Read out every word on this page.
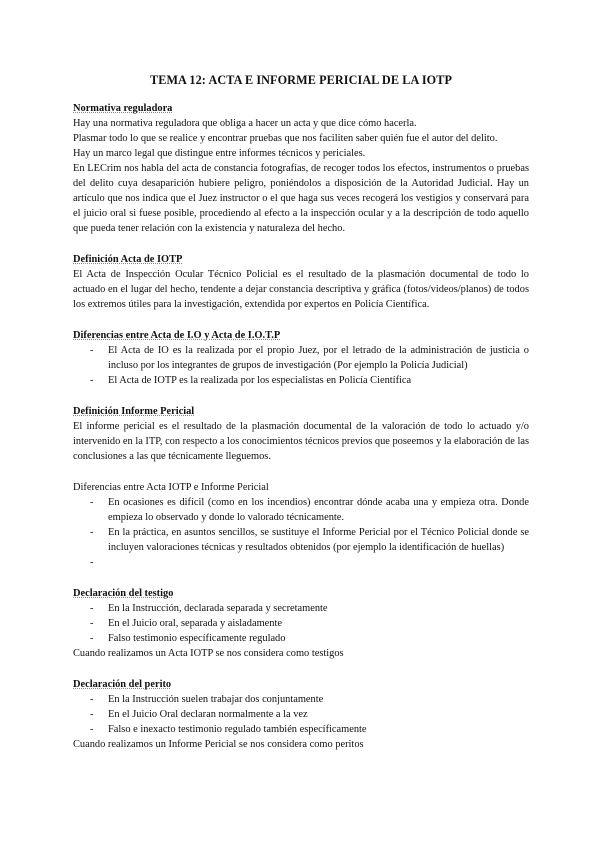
TEMA 12: ACTA E INFORME PERICIAL DE LA IOTP

Normativa reguladora

Hay una normativa reguladora que obliga a hacer un acta y que dice cómo hacerla.

Plasmar todo lo que se realice y encontrar pruebas que nos faciliten saber quién fue el autor del delito.

Hay un marco legal que distingue entre informes técnicos y periciales.

En LECrim nos habla del acta de constancia fotografías, de recoger todos los efectos, instrumentos o pruebas del delito cuya desaparición hubiere peligro, poniéndolos a disposición de la Autoridad Judicial. Hay un artículo que nos indica que el Juez instructor o el que haga sus veces recogerá los vestigios y conservará para el juicio oral si fuese posible, procediendo al efecto a la inspección ocular y a la descripción de todo aquello que pueda tener relación con la existencia y naturaleza del hecho.

Definición Acta de IOTP

El Acta de Inspección Ocular Técnico Policial es el resultado de la plasmación documental de todo lo actuado en el lugar del hecho, tendente a dejar constancia descriptiva y gráfica (fotos/videos/planos) de todos los extremos útiles para la investigación, extendida por expertos en Policía Científica.

Diferencias entre Acta de I.O y Acta de I.O.T.P

- El Acta de IO es la realizada por el propio Juez, por el letrado de la administración de justicia o incluso por los integrantes de grupos de investigación (Por ejemplo la Policía Judicial)
- El Acta de IOTP es la realizada por los especialistas en Policía Científica

Definición Informe Pericial

El informe pericial es el resultado de la plasmación documental de la valoración de todo lo actuado y/o intervenido en la ITP, con respecto a los conocimientos técnicos previos que poseemos y la elaboración de las conclusiones a las que técnicamente lleguemos.

Diferencias entre Acta IOTP e Informe Pericial

- En ocasiones es difícil (como en los incendios) encontrar dónde acaba una y empieza otra. Donde empieza lo observado y donde lo valorado técnicamente.
- En la práctica, en asuntos sencillos, se sustituye el Informe Pericial por el Técnico Policial donde se incluyen valoraciones técnicas y resultados obtenidos (por ejemplo la identificación de huellas)
-

Declaración del testigo

- En la Instrucción, declarada separada y secretamente
- En el Juicio oral, separada y aisladamente
- Falso testimonio específicamente regulado

Cuando realizamos un Acta IOTP se nos considera como testigos

Declaración del perito

- En la Instrucción suelen trabajar dos conjuntamente
- En el Juicio Oral declaran normalmente a la vez
- Falso e inexacto testimonio regulado también específicamente

Cuando realizamos un Informe Pericial se nos considera como peritos
